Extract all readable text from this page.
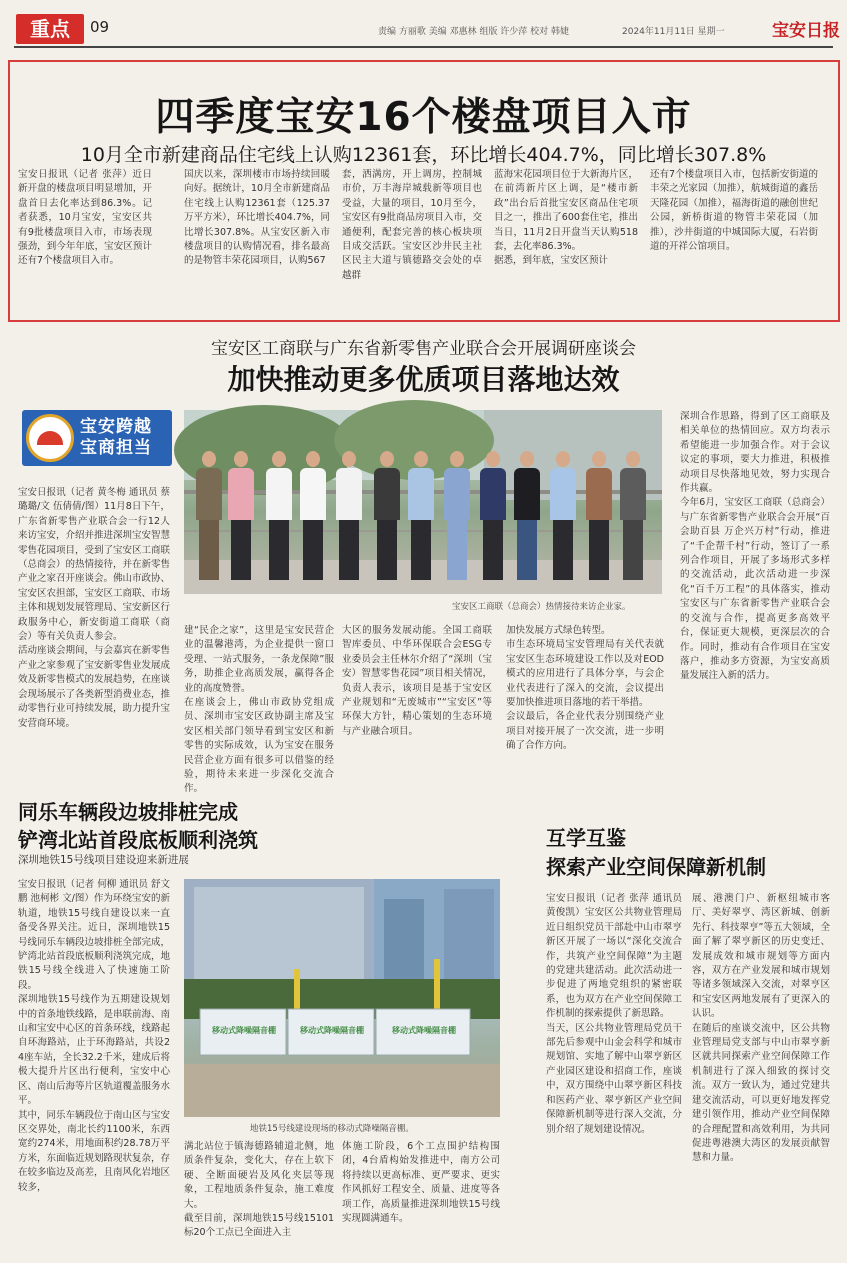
重点	09	责编 方丽歌 美编 邓惠林 组版 许少萍 校对 韩婕	2024年11月11日 星期一	宝安日报
四季度宝安16个楼盘项目入市
10月全市新建商品住宅线上认购12361套，环比增长404.7%，同比增长307.8%
宝安日报讯（记者 张萍）近日新开盘的楼盘项目明显增加，开盘首日去化率达到86.3%。记者获悉，10月宝安，宝安区共有9批楼盘项目入市，市场表现强劲，到今年年底，宝安区预计还有7个楼盘项目入市。
国庆以来，深圳楼市市场持续回暖向好。据统计，10月全市新建商品住宅线上认购12361套（125.37万平方米），环比增长404.7%，同比增长307.8%。从宝安区新入市楼盘项目的认购情况看，排名最高的是物管丰荣花园项目，认购567
套，洒满房，开上调房，控制城市价，万丰海岸城载新等项目也受益，大量的项目，10月至今，宝安区有9批商品房项目入市，交通便利，配套完善的核心板块项目成交活跃。宝安区沙井民主社区民主大道与镇德路交会处的卓越群
蓝海宋花园项目位于大新海片区，在前湾新片区上调，是“楼市新政”出台后首批宝安区商品住宅项目之一，推出了600套住宅，推出当日，11月2日开盘当天认购518套，去化率86.3%。
据悉，到年底，宝安区预计
还有7个楼盘项目入市，包括新安街道的丰荣之光家园（加推），航城街道的鑫岳天隆花园（加推），福海街道的融创世纪公园，新桥街道的物管丰荣花园（加推），沙井街道的中城国际大厦，石岩街道的开祥公馆项目。
宝安区工商联与广东省新零售产业联合会开展调研座谈会
加快推动更多优质项目落地达效
宝安跨越
宝商担当
宝安区工商联（总商会）热情接待来访企业家。
宝安日报讯（记者 黄冬梅 通讯员 蔡璐璐/文 伍倩倩/图）11月8日下午，广东省新零售产业联合会一行12人来访宝安，介绍并推进深圳宝安智慧零售花园项目，受到了宝安区工商联（总商会）的热情接待，并在新零售产业之家召开座谈会。佛山市政协、宝安区农担部，宝安区工商联、市场主体和规划发展管理局、宝安新区行政服务中心，新安街道工商联（商会）等有关负责人参会。
活动座谈会期间，与会嘉宾在新零售产业之家参观了宝安新零售业发展成效及新零售模式的发展趋势，在座谈会现场展示了各类新型消费业态，推动零售行业可持续发展，助力提升宝安营商环境。
建“民企之家”，这里是宝安民营企业的温馨港湾，为企业提供一窗口受理、一站式服务，一条龙保障”服务，助推企业高质发展，赢得各企业的高度赞誉。
在座谈会上，佛山市政协党组成员、深圳市宝安区政协副主席及宝安区相关部门领导看到宝安区和新零售的实际成效，认为宝安在服务民营企业方面有很多可以借鉴的经验，期待未来进一步深化交流合作。
大区的服务发展动能。全国工商联智库委员、中华环保联合会ESG专业委员会主任林尔介绍了“深圳（宝安）智慧零售花园”项目相关情况，负责人表示，该项目是基于宝安区产业规划和“无废城市”“宝安区”等环保大方针，精心策划的生态环境与产业融合项目。
加快发展方式绿色转型。
市生态环境局宝安管理局有关代表就宝安区生态环境建设工作以及对EOD模式的应用进行了具体分享，与会企业代表进行了深入的交流，会议提出要加快推进项目落地的若干举措。
会议最后，各企业代表分别围绕产业项目对接开展了一次交流，进一步明确了合作方向。
深圳合作思路，得到了区工商联及相关单位的热情回应。双方均表示希望能进一步加强合作。对于会议议定的事项，要大力推进，积极推动项目尽快落地见效，努力实现合作共赢。
今年6月，宝安区工商联（总商会）与广东省新零售产业联合会开展“百会助百县 万企兴万村”行动，推进了“千企帮千村”行动，签订了一系列合作项目，开展了多场形式多样的交流活动，此次活动进一步深化“百千万工程”的具体落实，推动宝安区与广东省新零售产业联合会的交流与合作，提高更多高效平台，保证更大规模，更深层次的合作。同时，推动有合作项目在宝安落户，推动多方资源，为宝安高质量发展注入新的活力。
同乐车辆段边坡排桩完成
铲湾北站首段底板顺利浇筑
深圳地铁15号线项目建设迎来新进展
宝安日报讯（记者 何柳 通讯员 舒文鹏 池柯彬 文/图）作为环绕宝安的新轨道，地铁15号线自建设以来一直备受各界关注。近日，深圳地铁15号线同乐车辆段边坡排桩全部完成，铲湾北站首段底板顺利浇筑完成，地铁15号线全线进入了快速施工阶段。
深圳地铁15号线作为五期建设规划中的首条地铁线路，是串联前海、南山和宝安中心区的首条环线，线路起自环海路站，止于环海路站，共设24座车站，全长32.2千米，建成后将极大提升片区出行便利，宝安中心区、南山后海等片区轨道覆盖服务水平。
其中，同乐车辆段位于南山区与宝安区交界处，南北长约1100米，东西宽约274米，用地面积约28.78万平方米，东面临近规划路现状复杂，存在较多临边及高差，且南风化岩地区较多，
移动式降噪隔音棚	移动式降噪隔音棚	移动式降噪隔音棚
地铁15号线建设现场的移动式降噪隔音棚。
满北站位于镇海德路辅道北侧，地质条件复杂，变化大，存在上软下硬、全断面硬岩及风化夹层等现象，工程地质条件复杂，施工难度大。
截至目前，深圳地铁15号线15101标20个工点已全面进入主
体施工阶段，6个工点围护结构围闭，4台盾构始发推进中，南方公司将持续以更高标准、更严要求、更实作风抓好工程安全、质量、进度等各项工作，高质量推进深圳地铁15号线实现圆满通车。
互学互鉴
探索产业空间保障新机制
宝安日报讯（记者 张萍 通讯员 黄俊凯）宝安区公共物业管理局近日组织党员干部赴中山市翠亨新区开展了一场以“深化交流合作，共筑产业空间保障”为主题的党建共建活动。此次活动进一步促进了两地党组织的紧密联系，也为双方在产业空间保障工作机制的探索提供了新思路。
当天，区公共物业管理局党员干部先后参观中山金会科学和城市规划馆、实地了解中山翠亨新区产业园区建设和招商工作，座谈中，双方围绕中山翠亨新区科技和医药产业、翠亨新区产业空间保障新机制等进行深入交流，分别介绍了规划建设情况。
展、港澳门户、新枢纽城市客厅、美好翠亨、湾区新城、创新先行、科技翠亨”等五大领域，全面了解了翠亨新区的历史变迁、发展成效和城市规划等方面内容，双方在产业发展和城市规划等诸多领域深入交流，对翠亨区和宝安区两地发展有了更深入的认识。
在随后的座谈交流中，区公共物业管理局党支部与中山市翠亨新区就共同探索产业空间保障工作机制进行了深入细致的探讨交流。双方一致认为，通过党建共建交流活动，可以更好地发挥党建引领作用，推动产业空间保障的合理配置和高效利用，为共同促进粤港澳大湾区的发展贡献智慧和力量。
